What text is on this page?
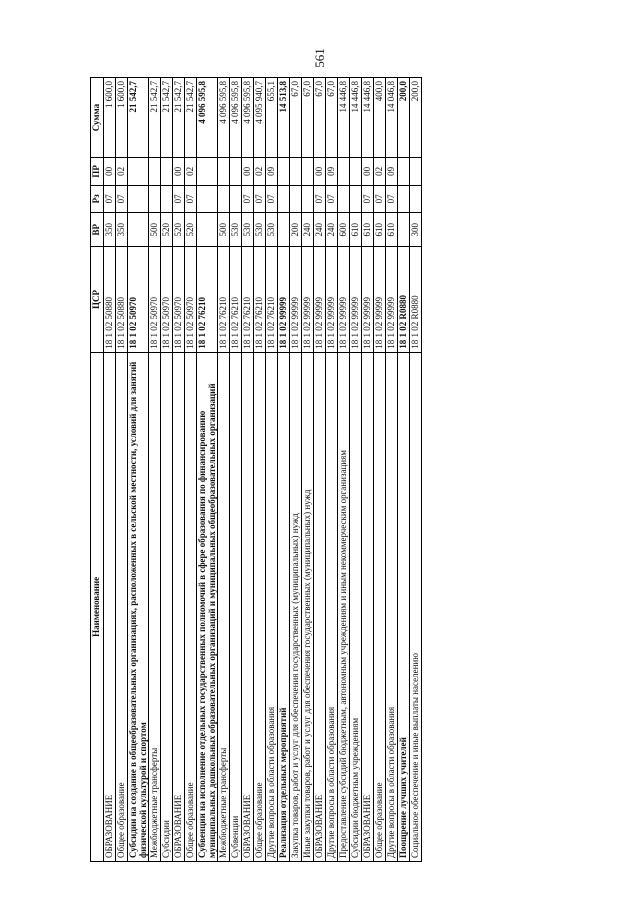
561
Наименование	ЦСР	ВР	Рз	ПР	Сумма
ОБРАЗОВАНИЕ	18 1 02 50880	350	07	00	1 600,0
Общее образование	18 1 02 50880	350	07	02	1 600,0
Субсидии на создание в общеобразовательных организациях, расположенных в сельской местности, условий для занятий физической культурой и спортом	18 1 02 50970				21 542,7
Межбюджетные трансферты	18 1 02 50970	500			21 542,7
Субсидии	18 1 02 50970	520			21 542,7
ОБРАЗОВАНИЕ	18 1 02 50970	520	07	00	21 542,7
Общее образование	18 1 02 50970	520	07	02	21 542,7
Субвенции на исполнение отдельных государственных полномочий в сфере образования по финансированию муниципальных дошкольных образовательных организаций и муниципальных общеобразовательных организаций	18 1 02 76210				4 096 595,8
Межбюджетные трансферты	18 1 02 76210	500			4 096 595,8
Субвенции	18 1 02 76210	530			4 096 595,8
ОБРАЗОВАНИЕ	18 1 02 76210	530	07	00	4 096 595,8
Общее образование	18 1 02 76210	530	07	02	4 095 940,7
Другие вопросы в области образования	18 1 02 76210	530	07	09	655,1
Реализация отдельных мероприятий	18 1 02 99999				14 513,8
Закупка товаров, работ и услуг для обеспечения государственных (муниципальных) нужд	18 1 02 99999	200			67,0
Иные закупки товаров, работ и услуг для обеспечения государственных (муниципальных) нужд	18 1 02 99999	240			67,0
ОБРАЗОВАНИЕ	18 1 02 99999	240	07	00	67,0
Другие вопросы в области образования	18 1 02 99999	240	07	09	67,0
Предоставление субсидий бюджетным, автономным учреждениям и иным некоммерческим организациям	18 1 02 99999	600			14 446,8
Субсидии бюджетным учреждениям	18 1 02 99999	610			14 446,8
ОБРАЗОВАНИЕ	18 1 02 99999	610	07	00	14 446,8
Общее образование	18 1 02 99999	610	07	02	400,0
Другие вопросы в области образования	18 1 02 99999	610	07	09	14 046,8
Поощрение лучших учителей	18 1 02 R0880				200,0
Социальное обеспечение и иные выплаты населению	18 1 02 R0880	300			200,0
